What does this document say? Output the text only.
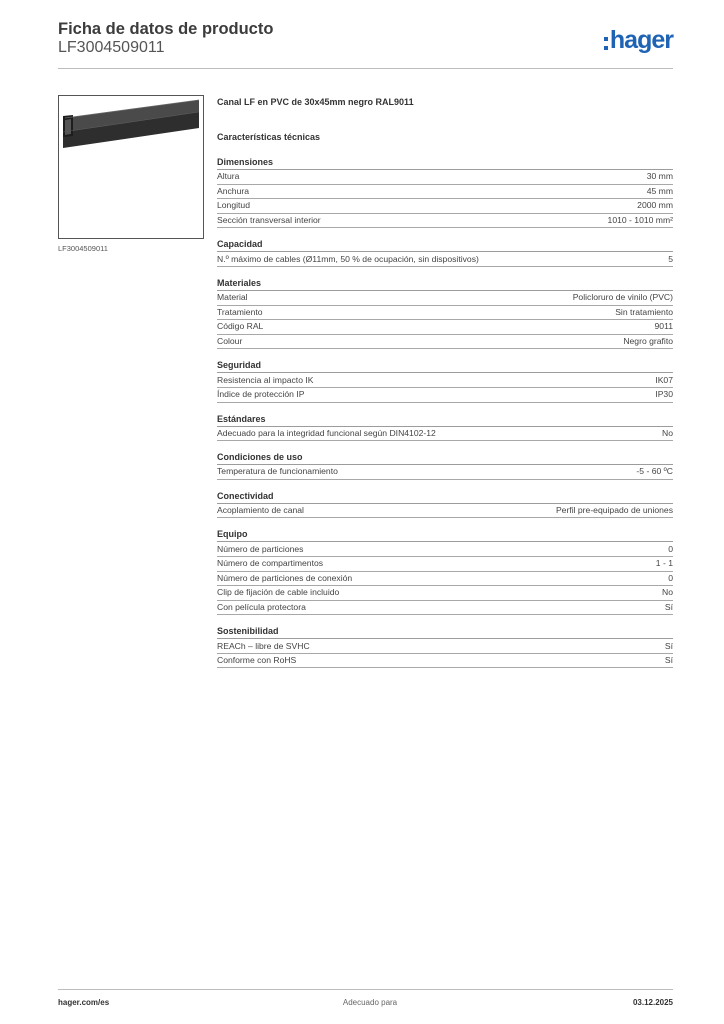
Ficha de datos de producto
LF3004509011	hager
LF3004509011
Canal LF en PVC de 30x45mm negro RAL9011
Características técnicas
Dimensiones
Altura	30 mm
Anchura	45 mm
Longitud	2000 mm
Sección transversal interior	1010 - 1010 mm²
Capacidad
N.º máximo de cables (Ø11mm, 50 % de ocupación, sin dispositivos)	5
Materiales
Material	Policloruro de vinilo (PVC)
Tratamiento	Sin tratamiento
Código RAL	9011
Colour	Negro grafito
Seguridad
Resistencia al impacto IK	IK07
Índice de protección IP	IP30
Estándares
Adecuado para la integridad funcional según DIN4102-12	No
Condiciones de uso
Temperatura de funcionamiento	-5 - 60 ºC
Conectividad
Acoplamiento de canal	Perfil pre-equipado de uniones
Equipo
Número de particiones	0
Número de compartimentos	1 - 1
Número de particiones de conexión	0
Clip de fijación de cable incluido	No
Con película protectora	Sí
Sostenibilidad
REACh – libre de SVHC	Sí
Conforme con RoHS	Sí
hager.com/es	Adecuado para	03.12.2025
